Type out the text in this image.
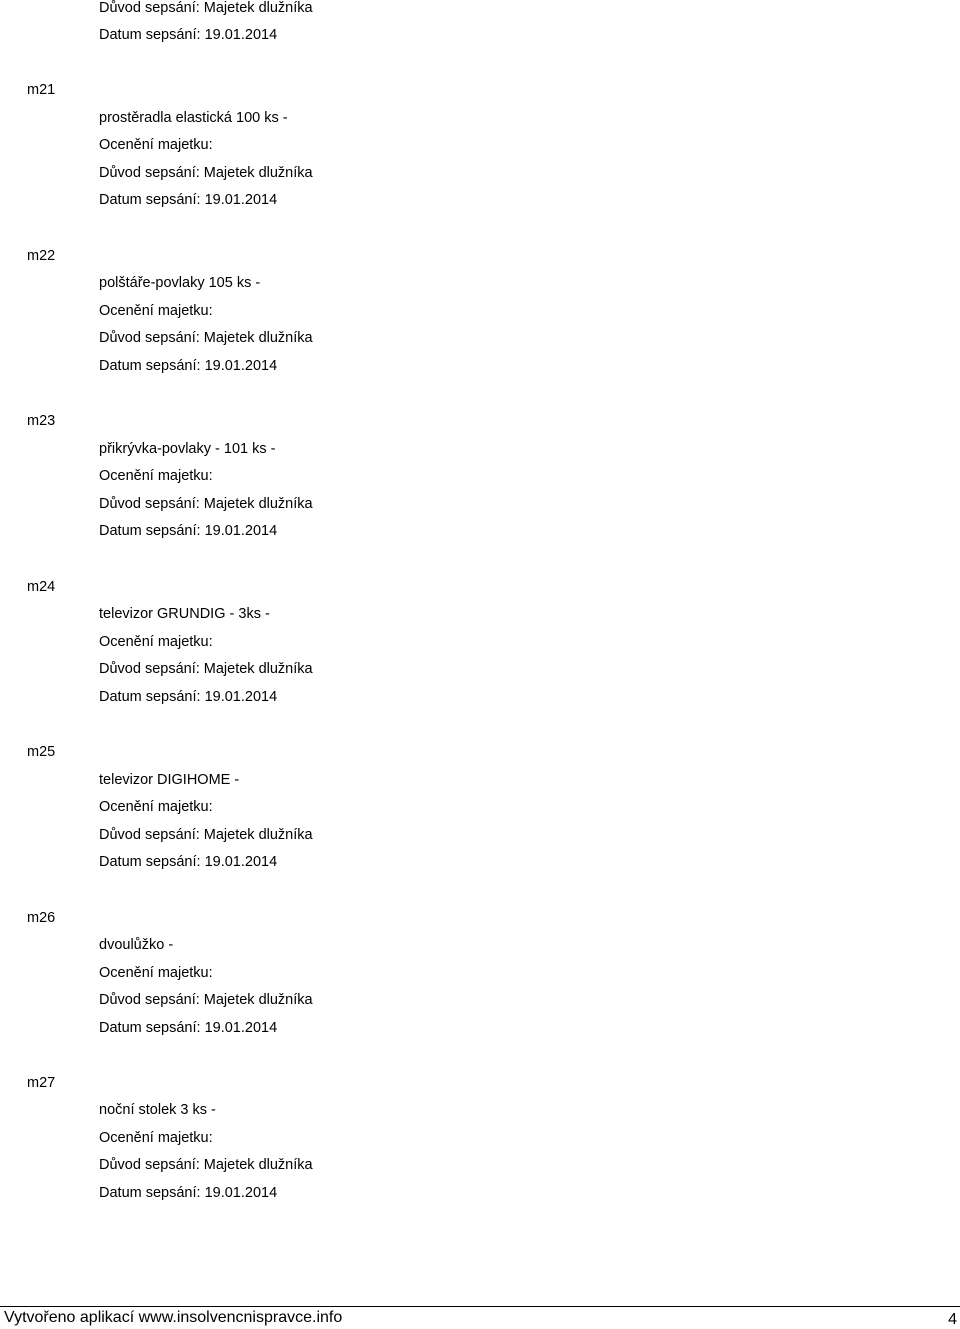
Důvod sepsání: Majetek dlužníka
Datum sepsání: 19.01.2014
m21
prostěradla elastická 100 ks -
Ocenění majetku:
Důvod sepsání: Majetek dlužníka
Datum sepsání: 19.01.2014
m22
polštáře-povlaky 105 ks -
Ocenění majetku:
Důvod sepsání: Majetek dlužníka
Datum sepsání: 19.01.2014
m23
přikrývka-povlaky - 101 ks -
Ocenění majetku:
Důvod sepsání: Majetek dlužníka
Datum sepsání: 19.01.2014
m24
televizor GRUNDIG - 3ks -
Ocenění majetku:
Důvod sepsání: Majetek dlužníka
Datum sepsání: 19.01.2014
m25
televizor DIGIHOME -
Ocenění majetku:
Důvod sepsání: Majetek dlužníka
Datum sepsání: 19.01.2014
m26
dvoulůžko -
Ocenění majetku:
Důvod sepsání: Majetek dlužníka
Datum sepsání: 19.01.2014
m27
noční stolek 3 ks -
Ocenění majetku:
Důvod sepsání: Majetek dlužníka
Datum sepsání: 19.01.2014
Vytvořeno aplikací www.insolvencnispravce.info	4
